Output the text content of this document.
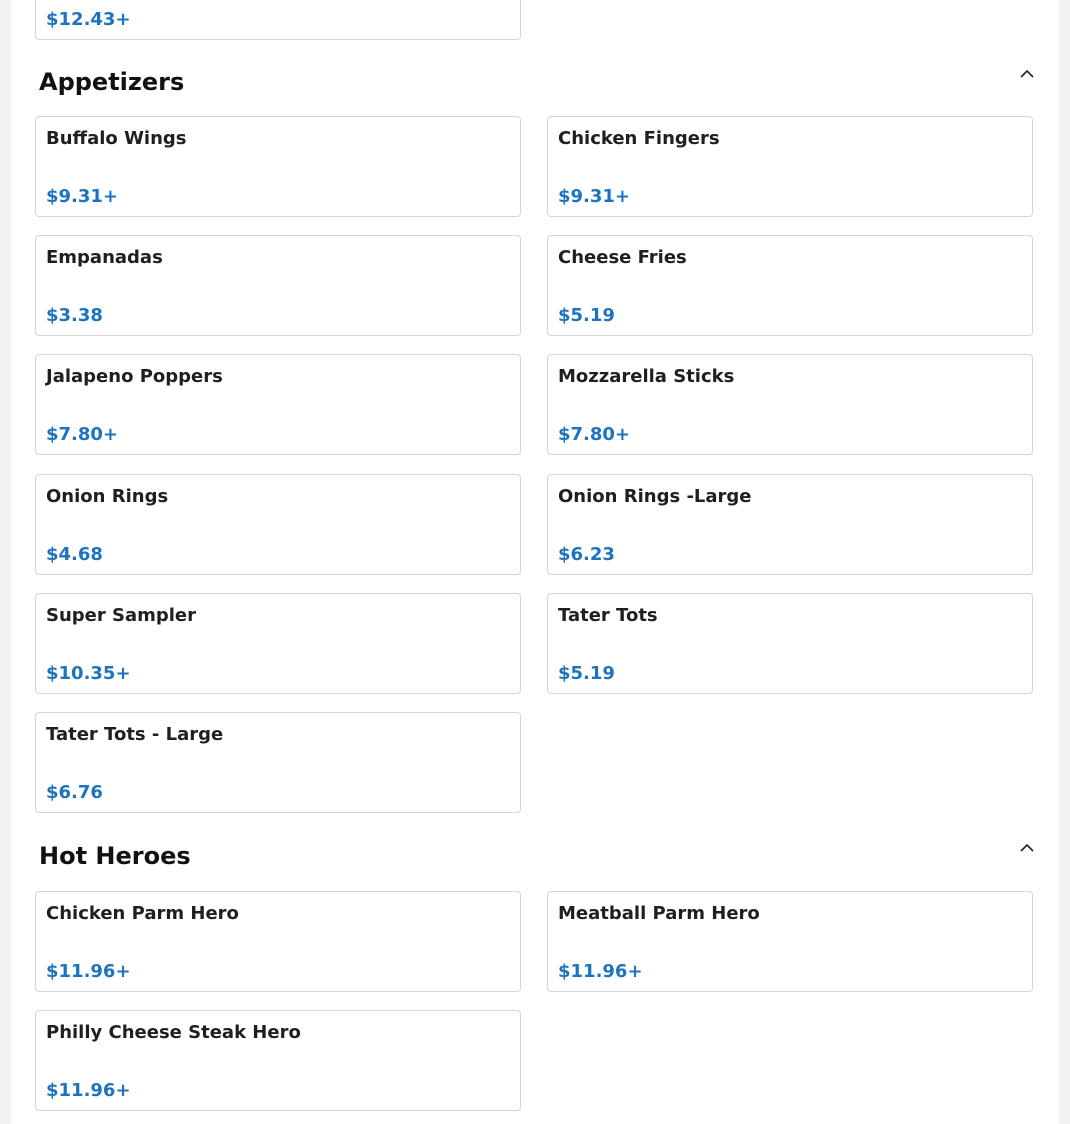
$12.43+
Appetizers
Buffalo Wings
$9.31+
Chicken Fingers
$9.31+
Empanadas
$3.38
Cheese Fries
$5.19
Jalapeno Poppers
$7.80+
Mozzarella Sticks
$7.80+
Onion Rings
$4.68
Onion Rings -Large
$6.23
Super Sampler
$10.35+
Tater Tots
$5.19
Tater Tots - Large
$6.76
Hot Heroes
Chicken Parm Hero
$11.96+
Meatball Parm Hero
$11.96+
Philly Cheese Steak Hero
$11.96+
